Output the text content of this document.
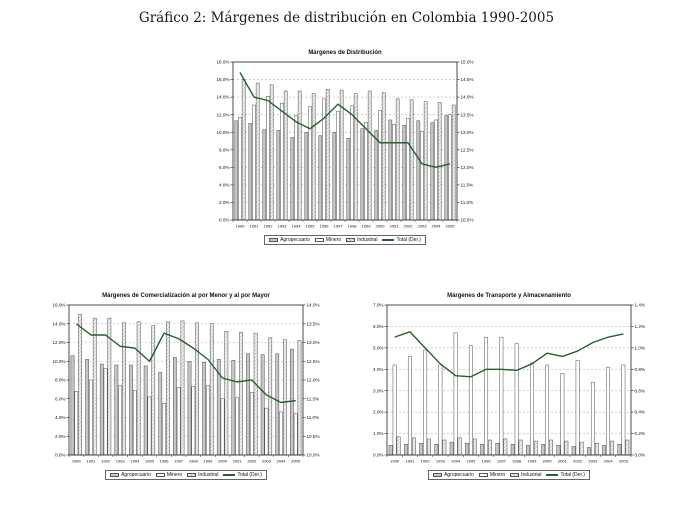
Gráfico 2: Márgenes de distribución en Colombia 1990-2005
Márgenes de Distribución
0.0%
2.0%
4.0%
6.0%
8.0%
10.0%
12.0%
14.0%
16.0%
18.0%
10.5%
11.0%
11.5%
12.0%
12.5%
13.0%
13.5%
14.0%
14.5%
15.0%
1990 1991 1992 1993 1994 1995 1996 1997 1998 1999 2000 2001 2002 2003 2004 2005
Agropecuario	Minero	Industrial	Total (Der.)
Márgenes de Comercialización al por Menor y al por Mayor
0.0%
2.0%
4.0%
6.0%
8.0%
10.0%
12.0%
14.0%
16.0%
10.0%
10.5%
11.0%
11.5%
12.0%
12.5%
13.0%
13.5%
14.0%
1990 1991 1992 1993 1994 1995 1996 1997 1998 1999 2000 2001 2002 2003 2004 2005
Agropecuario	Minero	Industrial	Total (Der.)
Márgenes de Transporte y Almacenamiento
0.0%
1.0%
2.0%
3.0%
4.0%
5.0%
6.0%
7.0%
0.0%
0.2%
0.4%
0.6%
0.8%
1.0%
1.2%
1.4%
1990 1991 1992 1993 1994 1995 1996 1997 1998 1999 2000 2001 2002 2003 2004 2005
Agropecuario	Minero	Industrial	Total (Der.)
